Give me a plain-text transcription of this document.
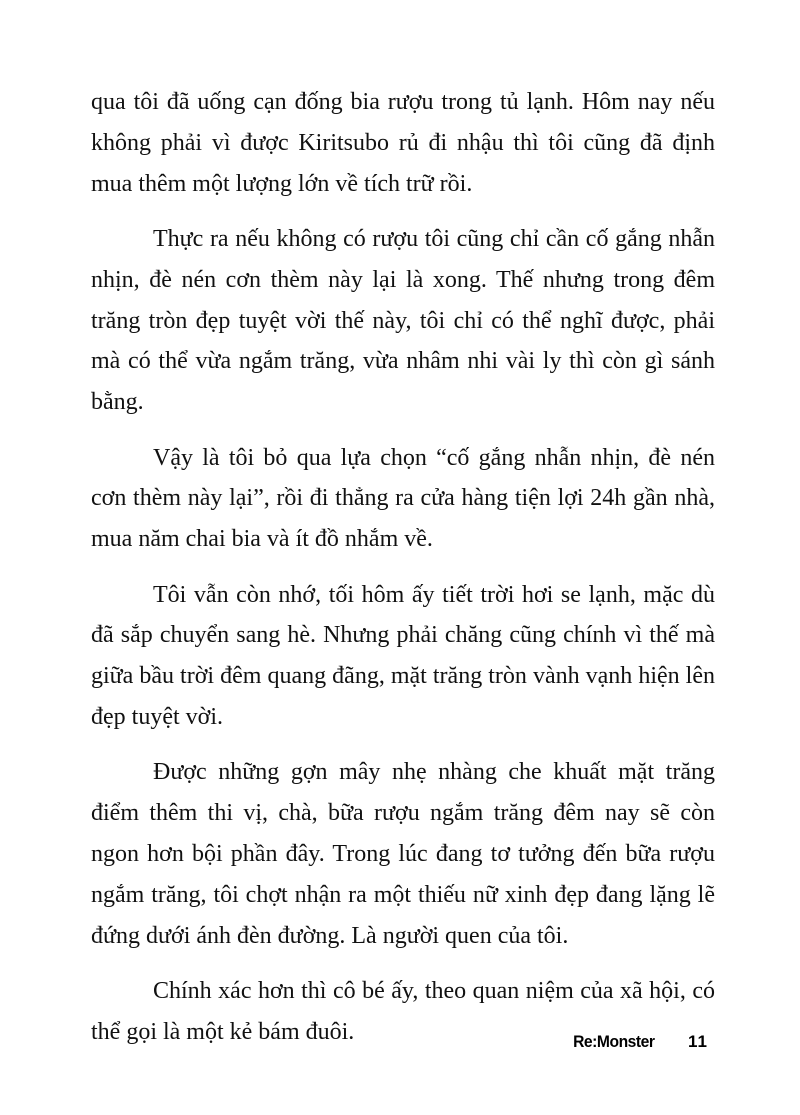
qua tôi đã uống cạn đống bia rượu trong tủ lạnh. Hôm nay nếu không phải vì được Kiritsubo rủ đi nhậu thì tôi cũng đã định mua thêm một lượng lớn về tích trữ rồi.

Thực ra nếu không có rượu tôi cũng chỉ cần cố gắng nhẫn nhịn, đè nén cơn thèm này lại là xong. Thế nhưng trong đêm trăng tròn đẹp tuyệt vời thế này, tôi chỉ có thể nghĩ được, phải mà có thể vừa ngắm trăng, vừa nhâm nhi vài ly thì còn gì sánh bằng.

Vậy là tôi bỏ qua lựa chọn “cố gắng nhẫn nhịn, đè nén cơn thèm này lại”, rồi đi thẳng ra cửa hàng tiện lợi 24h gần nhà, mua năm chai bia và ít đồ nhắm về.

Tôi vẫn còn nhớ, tối hôm ấy tiết trời hơi se lạnh, mặc dù đã sắp chuyển sang hè. Nhưng phải chăng cũng chính vì thế mà giữa bầu trời đêm quang đãng, mặt trăng tròn vành vạnh hiện lên đẹp tuyệt vời.

Được những gợn mây nhẹ nhàng che khuất mặt trăng điểm thêm thi vị, chà, bữa rượu ngắm trăng đêm nay sẽ còn ngon hơn bội phần đây. Trong lúc đang tơ tưởng đến bữa rượu ngắm trăng, tôi chợt nhận ra một thiếu nữ xinh đẹp đang lặng lẽ đứng dưới ánh đèn đường. Là người quen của tôi.

Chính xác hơn thì cô bé ấy, theo quan niệm của xã hội, có thể gọi là một kẻ bám đuôi.	Re:Monster 11
